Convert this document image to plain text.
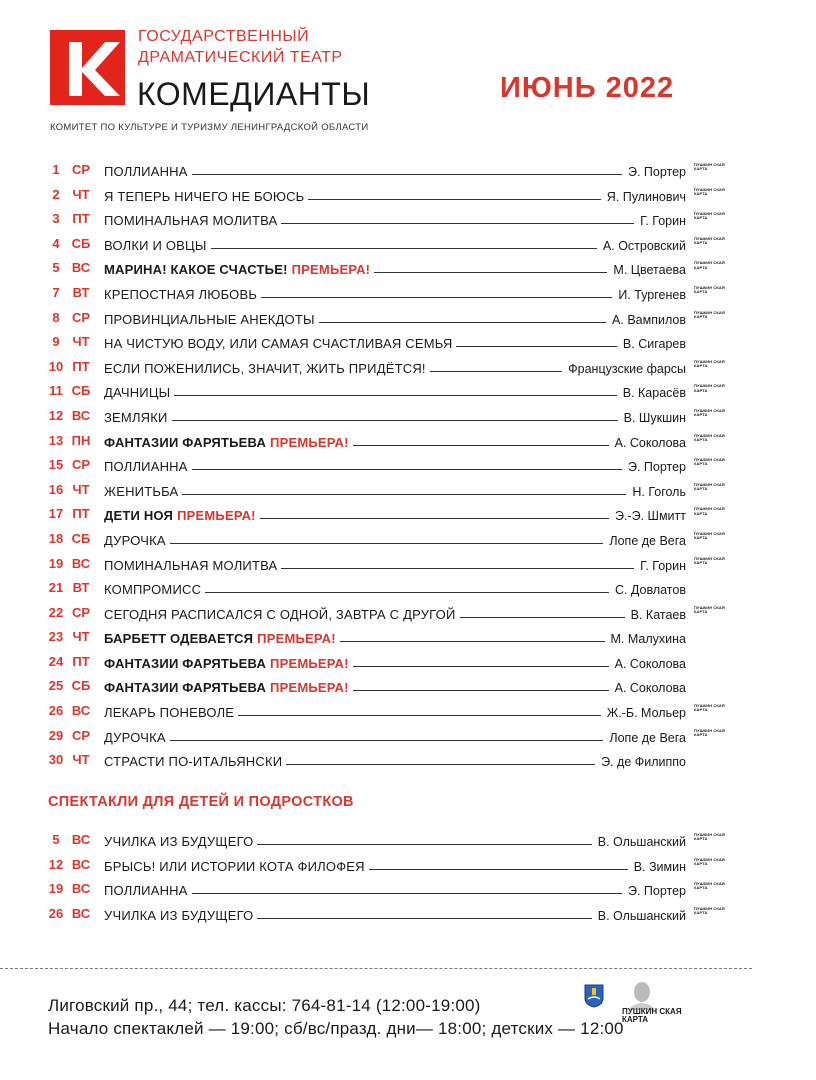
ГОСУДАРСТВЕННЫЙ
ДРАМАТИЧЕСКИЙ ТЕАТР
КОМЕДИАНТЫ
КОМИТЕТ ПО КУЛЬТУРЕ И ТУРИЗМУ ЛЕНИНГРАДСКОЙ ОБЛАСТИ
ИЮНЬ 2022
1 СР ПОЛЛИАННА	Э. Портер
ПУШКИН СКАЯ КАРТА
2 ЧТ Я ТЕПЕРЬ НИЧЕГО НЕ БОЮСЬ	Я. Пулинович
ПУШКИН СКАЯ КАРТА
3 ПТ ПОМИНАЛЬНАЯ МОЛИТВА	Г. Горин
ПУШКИН СКАЯ КАРТА
4 СБ ВОЛКИ И ОВЦЫ	А. Островский
ПУШКИН СКАЯ КАРТА
5 ВС МАРИНА! КАКОЕ СЧАСТЬЕ! ПРЕМЬЕРА!	М. Цветаева
ПУШКИН СКАЯ КАРТА
7 ВТ КРЕПОСТНАЯ ЛЮБОВЬ	И. Тургенев
ПУШКИН СКАЯ КАРТА
8 СР ПРОВИНЦИАЛЬНЫЕ АНЕКДОТЫ	А. Вампилов
ПУШКИН СКАЯ КАРТА
9 ЧТ НА ЧИСТУЮ ВОДУ, ИЛИ САМАЯ СЧАСТЛИВАЯ СЕМЬЯ	В. Сигарев
10 ПТ ЕСЛИ ПОЖЕНИЛИСЬ, ЗНАЧИТ, ЖИТЬ ПРИДЁТСЯ!	Французские фарсы
ПУШКИН СКАЯ КАРТА
11 СБ ДАЧНИЦЫ	В. Карасёв
ПУШКИН СКАЯ КАРТА
12 ВС ЗЕМЛЯКИ	В. Шукшин
ПУШКИН СКАЯ КАРТА
13 ПН ФАНТАЗИИ ФАРЯТЬЕВА ПРЕМЬЕРА!	А. Соколова
ПУШКИН СКАЯ КАРТА
15 СР ПОЛЛИАННА	Э. Портер
ПУШКИН СКАЯ КАРТА
16 ЧТ ЖЕНИТЬБА	Н. Гоголь
ПУШКИН СКАЯ КАРТА
17 ПТ ДЕТИ НОЯ ПРЕМЬЕРА!	Э.-Э. Шмитт
ПУШКИН СКАЯ КАРТА
18 СБ ДУРОЧКА	Лопе де Вега
ПУШКИН СКАЯ КАРТА
19 ВС ПОМИНАЛЬНАЯ МОЛИТВА	Г. Горин
ПУШКИН СКАЯ КАРТА
21 ВТ КОМПРОМИСС	С. Довлатов
22 СР СЕГОДНЯ РАСПИСАЛСЯ С ОДНОЙ, ЗАВТРА С ДРУГОЙ	В. Катаев
ПУШКИН СКАЯ КАРТА
23 ЧТ БАРБЕТТ ОДЕВАЕТСЯ ПРЕМЬЕРА!	М. Малухина
24 ПТ ФАНТАЗИИ ФАРЯТЬЕВА ПРЕМЬЕРА!	А. Соколова
25 СБ ФАНТАЗИИ ФАРЯТЬЕВА ПРЕМЬЕРА!	А. Соколова
26 ВС ЛЕКАРЬ ПОНЕВОЛЕ	Ж.-Б. Мольер
ПУШКИН СКАЯ КАРТА
29 СР ДУРОЧКА	Лопе де Вега
ПУШКИН СКАЯ КАРТА
30 ЧТ СТРАСТИ ПО-ИТАЛЬЯНСКИ	Э. де Филиппо
СПЕКТАКЛИ ДЛЯ ДЕТЕЙ И ПОДРОСТКОВ
5 ВС УЧИЛКА ИЗ БУДУЩЕГО	В. Ольшанский
ПУШКИН СКАЯ КАРТА
12 ВС БРЫСЬ! ИЛИ ИСТОРИИ КОТА ФИЛОФЕЯ	В. Зимин
ПУШКИН СКАЯ КАРТА
19 ВС ПОЛЛИАННА	Э. Портер
ПУШКИН СКАЯ КАРТА
26 ВС УЧИЛКА ИЗ БУДУЩЕГО	В. Ольшанский
ПУШКИН СКАЯ КАРТА
Лиговский пр., 44; тел. кассы: 764-81-14 (12:00-19:00)
Начало спектаклей — 19:00; сб/вс/празд. дни— 18:00; детских — 12:00
ПУШКИН СКАЯ КАРТА
